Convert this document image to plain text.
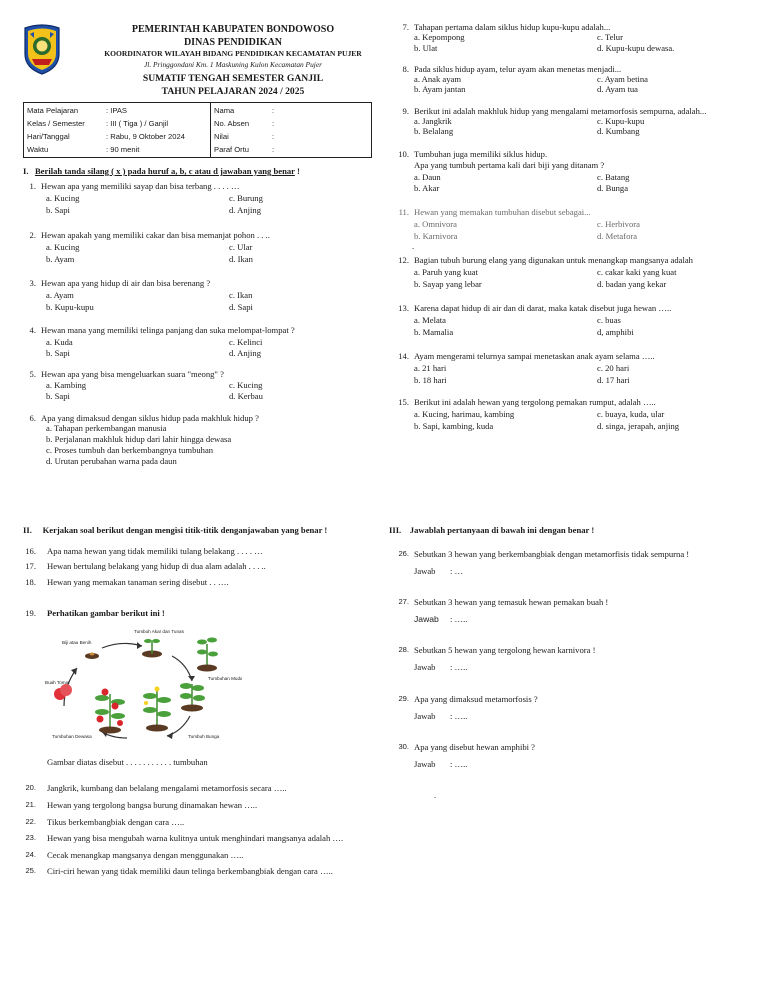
PEMERINTAH KABUPATEN BONDOWOSO
DINAS PENDIDIKAN
KOORDINATOR WILAYAH BIDANG PENDIDIKAN KECAMATAN PUJER
Jl. Pringgondani Km. 1 Maskuning Kulon Kecamatan Pujer
SUMATIF TENGAH SEMESTER GANJIL
TAHUN PELAJARAN 2024 / 2025
Mata Pelajaran	: IPAS	Nama	:
Kelas / Semester	: III ( Tiga ) / Ganjil	No. Absen	:
Hari/Tanggal	: Rabu, 9 Oktober 2024	Nilai	:
Waktu	: 90 menit	Paraf Ortu	:
I. Berilah tanda silang ( x ) pada huruf a, b, c atau d jawaban yang benar !
1. Hewan apa yang memiliki sayap dan bisa terbang . . . . …
a. Kucing
b. Sapi
c. Burung
d. Anjing
2. Hewan apakah yang memiliki cakar dan bisa memanjat pohon . . ..
a. Kucing
b. Ayam
c. Ular
d. Ikan
3. Hewan apa yang hidup di air dan bisa berenang ?
a. Ayam
b. Kupu-kupu
c. Ikan
d. Sapi
4. Hewan mana yang memiliki telinga panjang dan suka melompat-lompat ?
a. Kuda
b. Sapi
c. Kelinci
d. Anjing
5. Hewan apa yang bisa mengeluarkan suara "meong" ?
a. Kambing
b. Sapi
c. Kucing
d. Kerbau
6. Apa yang dimaksud dengan siklus hidup pada makhluk hidup ?
a. Tahapan perkembangan manusia
b. Perjalanan makhluk hidup dari lahir hingga dewasa
c. Proses tumbuh dan berkembangnya tumbuhan
d. Urutan perubahan warna pada daun
7. Tahapan pertama dalam siklus hidup kupu-kupu adalah...
a. Kepompong
b. Ulat
c. Telur
d. Kupu-kupu dewasa.
8. Pada siklus hidup ayam, telur ayam akan menetas menjadi...
a. Anak ayam
b. Ayam jantan
c. Ayam betina
d. Ayam tua
9. Berikut ini adalah makhluk hidup yang mengalami metamorfosis sempurna, adalah...
a. Jangkrik
b. Belalang
c. Kupu-kupu
d. Kumbang
10. Tumbuhan juga memiliki siklus hidup.
Apa yang tumbuh pertama kali dari biji yang ditanam ?
a. Daun
b. Akar
c. Batang
d. Bunga
11. Hewan yang memakan tumbuhan disebut sebagai...
a. Omnivora
b. Karnivora
c. Herbivora
d. Metafora
.
12. Bagian tubuh burung elang yang digunakan untuk menangkap mangsanya adalah
a. Paruh yang kuat
b. Sayap yang lebar
c. cakar kaki yang kuat
d. badan yang kekar
13. Karena dapat hidup di air dan di darat, maka katak disebut juga hewan …..
a. Melata
b. Mamalia
c. buas
d, amphibi
14. Ayam mengerami telurnya sampai menetaskan anak ayam selama …..
a. 21 hari
b. 18 hari
c. 20 hari
d. 17 hari
15. Berikut ini adalah hewan yang tergolong pemakan rumput, adalah …..
a. Kucing, harimau, kambing
b. Sapi, kambing, kuda
c. buaya, kuda, ular
d. singa, jerapah, anjing
II. Kerjakan soal berikut dengan mengisi titik-titik denganjawaban yang benar !
16. Apa nama hewan yang tidak memiliki tulang belakang . . . . …
17. Hewan bertulang belakang yang hidup di dua alam adalah . . . ..
18. Hewan yang memakan tanaman sering disebut . . ….
19. Perhatikan gambar berikut ini !
Tumbuh Akar dan Tunas
Biji atau Benih
Buah Tomat
Tumbuhan Muda
Tumbuhan Dewasa	Tumbuh Bunga
Gambar diatas disebut . . . . . . . . . . . tumbuhan
20. Jangkrik, kumbang dan belalang mengalami metamorfosis secara …..
21. Hewan yang tergolong bangsa burung dinamakan hewan …..
22. Tikus berkembangbiak dengan cara …..
23. Hewan yang bisa mengubah warna kulitnya untuk menghindari mangsanya adalah ….
24. Cecak menangkap mangsanya dengan menggunakan …..
25. Ciri-ciri hewan yang tidak memiliki daun telinga berkembangbiak dengan cara …..
III. Jawablah pertanyaan di bawah ini dengan benar !
26. Sebutkan 3 hewan yang berkembangbiak dengan metamorfisis tidak sempurna !
Jawab : …
27. Sebutkan 3 hewan yang temasuk hewan pemakan buah !
Jawab : …..
28. Sebutkan 5 hewan yang tergolong hewan karnivora !
Jawab : …..
29. Apa yang dimaksud metamorfosis ?
Jawab : …..
30. Apa yang disebut hewan amphibi ?
Jawab : …..
.
